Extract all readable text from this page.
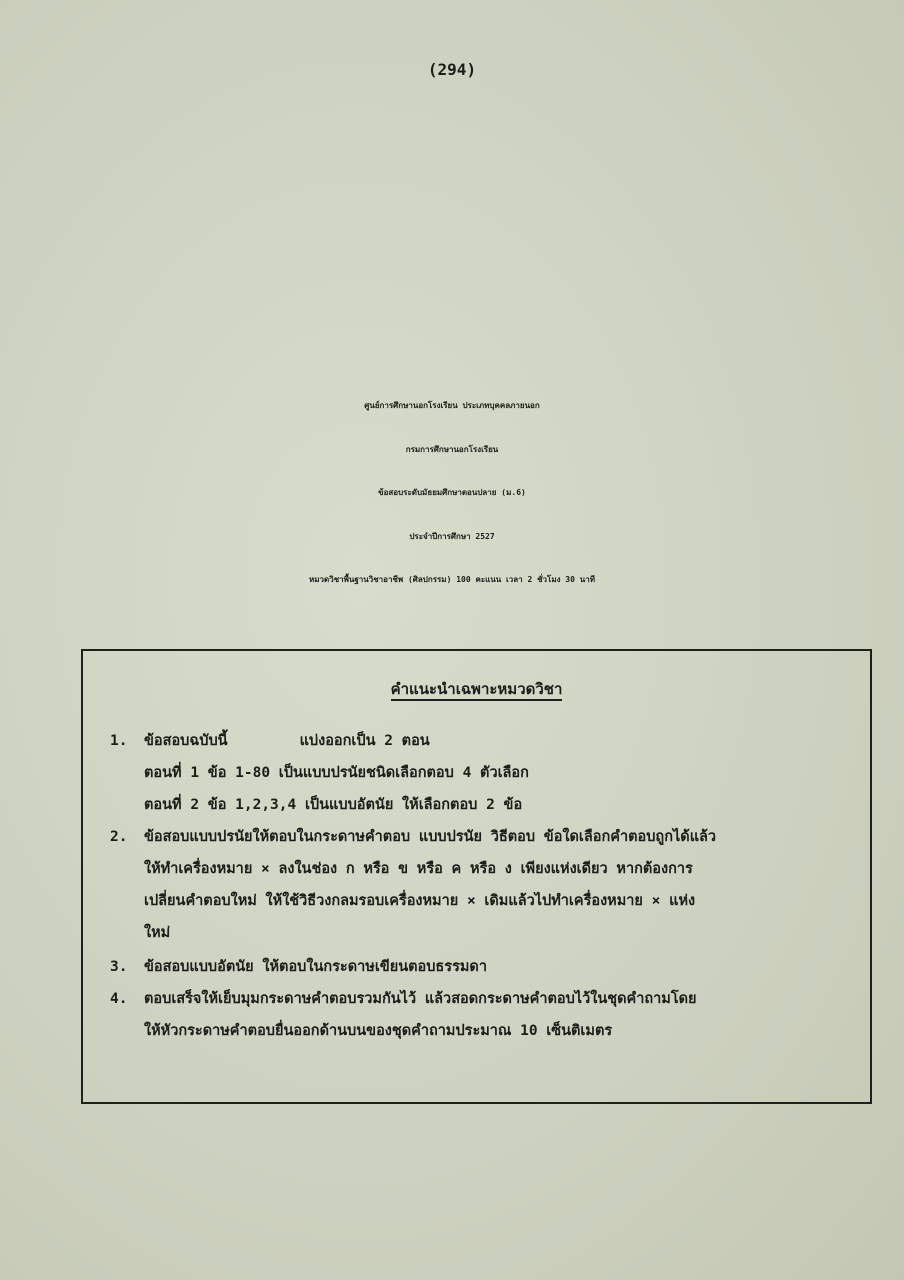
(294)
ศูนย์การศึกษานอกโรงเรียน ประเภทบุคคลภายนอก
กรมการศึกษานอกโรงเรียน
ข้อสอบระดับมัธยมศึกษาตอนปลาย (ม.6)
ประจำปีการศึกษา 2527
หมวดวิชาพื้นฐานวิชาอาชีพ (ศิลปกรรม) 100 คะแนน เวลา 2 ชั่วโมง 30 นาที
คำแนะนำเฉพาะหมวดวิชา
1. ข้อสอบฉบับนี้	แบ่งออกเป็น 2 ตอน
ตอนที่ 1 ข้อ 1-80 เป็นแบบปรนัยชนิดเลือกตอบ 4 ตัวเลือก
ตอนที่ 2 ข้อ 1,2,3,4 เป็นแบบอัตนัย ให้เลือกตอบ 2 ข้อ
2. ข้อสอบแบบปรนัยให้ตอบในกระดาษคำตอบ แบบปรนัย วิธีตอบ ข้อใดเลือกคำตอบถูกได้แล้ว
ให้ทำเครื่องหมาย × ลงในช่อง ก หรือ ข หรือ ค หรือ ง เพียงแห่งเดียว หากต้องการ
เปลี่ยนคำตอบใหม่ ให้ใช้วิธีวงกลมรอบเครื่องหมาย × เดิมแล้วไปทำเครื่องหมาย × แห่ง
ใหม่
3. ข้อสอบแบบอัตนัย ให้ตอบในกระดาษเขียนตอบธรรมดา
4. ตอบเสร็จให้เย็บมุมกระดาษคำตอบรวมกันไว้ แล้วสอดกระดาษคำตอบไว้ในชุดคำถามโดย
ให้หัวกระดาษคำตอบยื่นออกด้านบนของชุดคำถามประมาณ 10 เซ็นติเมตร
